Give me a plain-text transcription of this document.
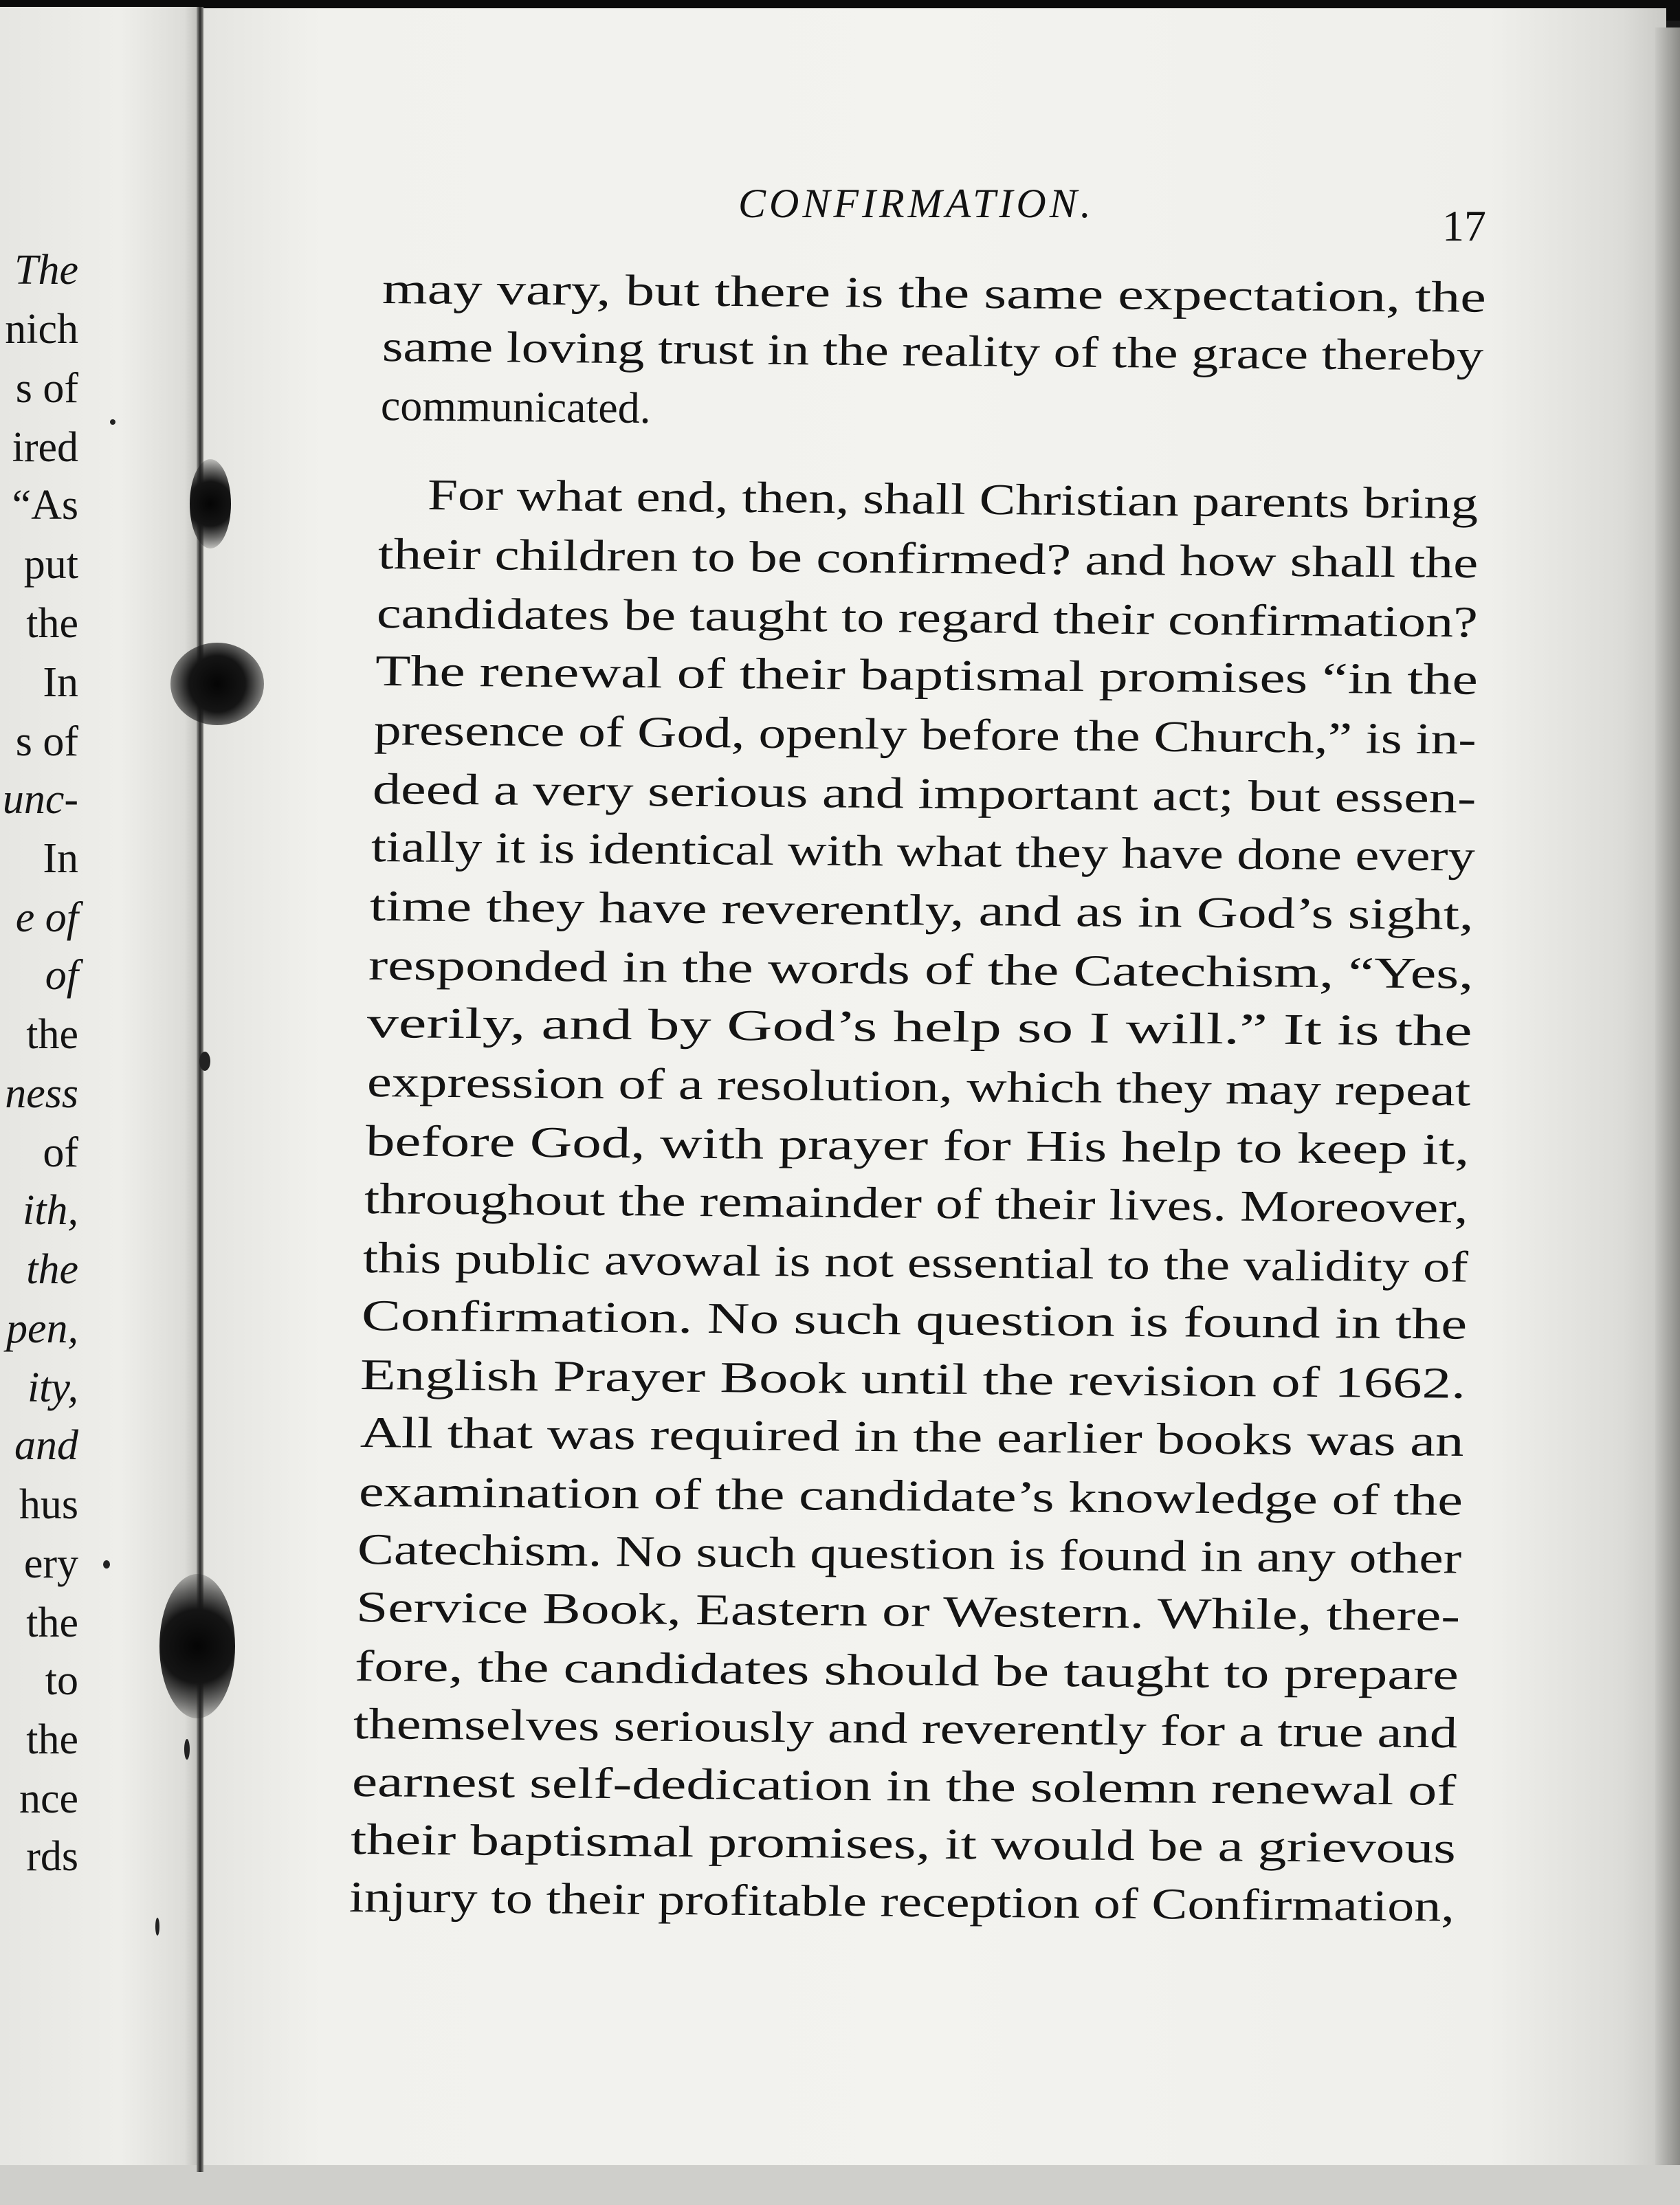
The
nich
s of
ired
“As
put
the
In
s of
unc-
In
e of
of
the
ness
of
ith,
the
pen,
ity,
and
hus
ery
the
to
the
nce
rds
CONFIRMATION.	17
may vary, but there is the same expectation, the
same loving trust in the reality of the grace thereby
communicated.
For what end, then, shall Christian parents bring
their children to be confirmed? and how shall the
candidates be taught to regard their confirmation?
The renewal of their baptismal promises “in the
presence of God, openly before the Church,” is in-
deed a very serious and important act; but essen-
tially it is identical with what they have done every
time they have reverently, and as in God’s sight,
responded in the words of the Catechism, “Yes,
verily, and by God’s help so I will.” It is the
expression of a resolution, which they may repeat
before God, with prayer for His help to keep it,
throughout the remainder of their lives. Moreover,
this public avowal is not essential to the validity of
Confirmation. No such question is found in the
English Prayer Book until the revision of 1662.
All that was required in the earlier books was an
examination of the candidate’s knowledge of the
Catechism. No such question is found in any other
Service Book, Eastern or Western. While, there-
fore, the candidates should be taught to prepare
themselves seriously and reverently for a true and
earnest self-dedication in the solemn renewal of
their baptismal promises, it would be a grievous
injury to their profitable reception of Confirmation,
